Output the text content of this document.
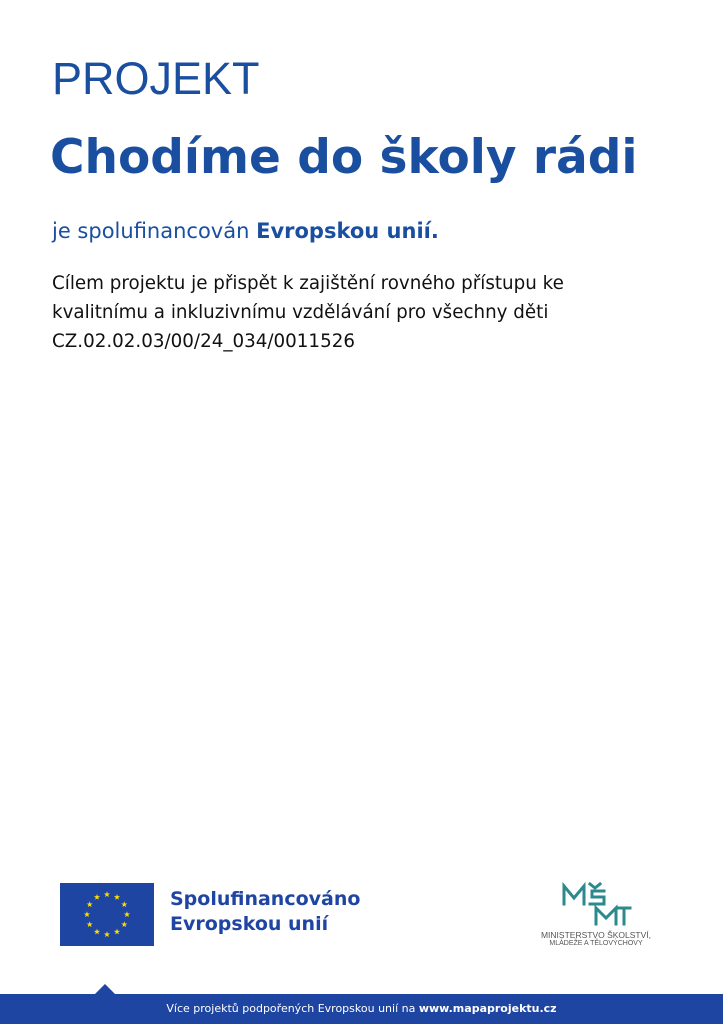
PROJEKT
Chodíme do školy rádi
je spolufinancován Evropskou unií.
Cílem projektu je přispět k zajištění rovného přístupu ke
kvalitnímu a inkluzivnímu vzdělávání pro všechny děti
CZ.02.02.03/00/24_034/0011526
Spolufinancováno
Evropskou unií	MINISTERSTVO ŠKOLSTVÍ,
MLÁDEŽE A TĚLOVÝCHOVY
Více projektů podpořených Evropskou unií na www.mapaprojektu.cz
